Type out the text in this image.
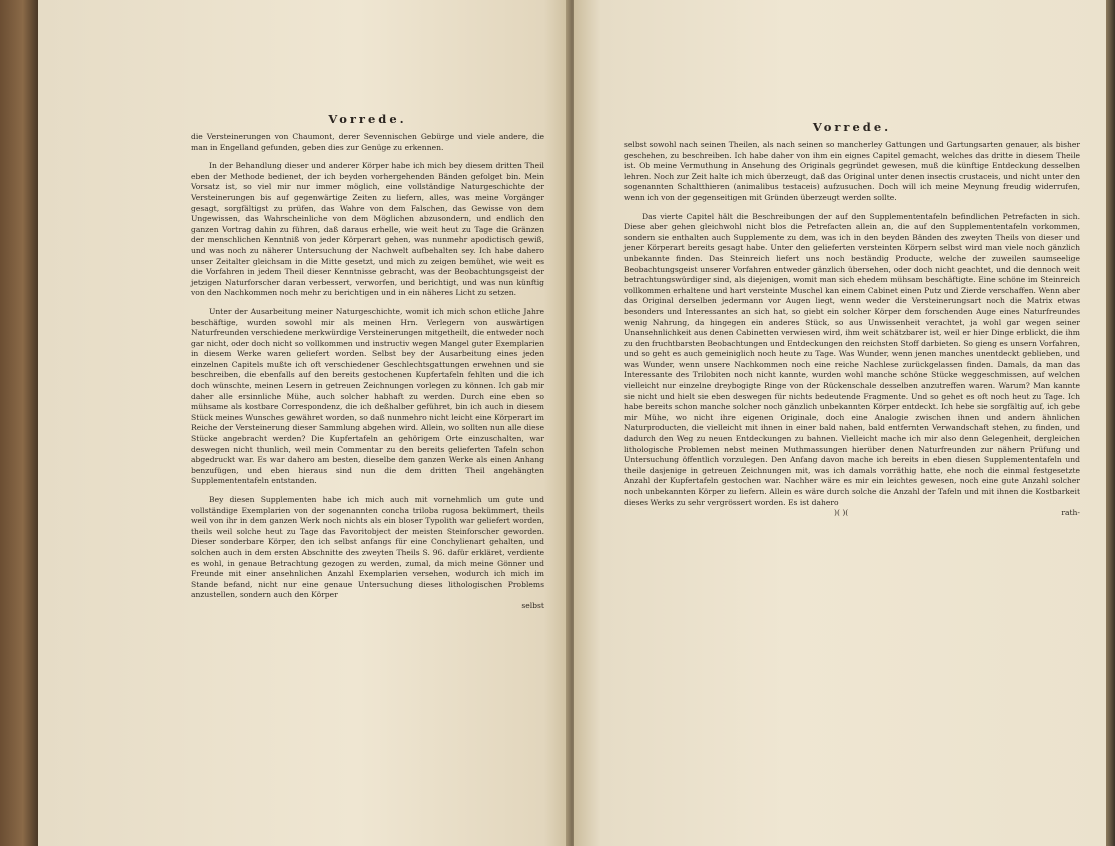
Vorrede.

die Versteinerungen von Chaumont, derer Sevennischen Gebürge und viele andere, die man in Engelland gefunden, geben dies zur Genüge zu erkennen.

In der Behandlung dieser und anderer Körper habe ich mich bey diesem dritten Theil eben der Methode bedienet, der ich beyden vorhergehenden Bänden gefolget bin. Mein Vorsatz ist, so viel mir nur immer möglich, eine vollständige Naturgeschichte der Versteinerungen bis auf gegenwärtige Zeiten zu liefern, alles, was meine Vorgänger gesagt, sorgfältigst zu prüfen, das Wahre von dem Falschen, das Gewisse von dem Ungewissen, das Wahrscheinliche von dem Möglichen abzusondern, und endlich den ganzen Vortrag dahin zu führen, daß daraus erhelle, wie weit heut zu Tage die Gränzen der menschlichen Kenntniß von jeder Körperart gehen, was nunmehr apodictisch gewiß, und was noch zu näherer Untersuchung der Nachwelt aufbehalten sey. Ich habe dahero unser Zeitalter gleichsam in die Mitte gesetzt, und mich zu zeigen bemühet, wie weit es die Vorfahren in jedem Theil dieser Kenntnisse gebracht, was der Beobachtungsgeist der jetzigen Naturforscher daran verbessert, verworfen, und berichtigt, und was nun künftig von den Nachkommen noch mehr zu berichtigen und in ein näheres Licht zu setzen.

Unter der Ausarbeitung meiner Naturgeschichte, womit ich mich schon etliche Jahre beschäftige, wurden sowohl mir als meinen Hrn. Verlegern von auswärtigen Naturfreunden verschiedene merkwürdige Versteinerungen mitgetheilt, die entweder noch gar nicht, oder doch nicht so vollkommen und instructiv wegen Mangel guter Exemplarien in diesem Werke waren geliefert worden. Selbst bey der Ausarbeitung eines jeden einzelnen Capitels mußte ich oft verschiedener Geschlechtsgattungen erwehnen und sie beschreiben, die ebenfalls auf den bereits gestochenen Kupfertafeln fehlten und die ich doch wünschte, meinen Lesern in getreuen Zeichnungen vorlegen zu können. Ich gab mir daher alle ersinnliche Mühe, auch solcher habhaft zu werden. Durch eine eben so mühsame als kostbare Correspondenz, die ich deßhalber geführet, bin ich auch in diesem Stück meines Wunsches gewähret worden, so daß nunmehro nicht leicht eine Körperart im Reiche der Versteinerung dieser Sammlung abgehen wird. Allein, wo sollten nun alle diese Stücke angebracht werden? Die Kupfertafeln an gehörigem Orte einzuschalten, war deswegen nicht thunlich, weil mein Commentar zu den bereits gelieferten Tafeln schon abgedruckt war. Es war dahero am besten, dieselbe dem ganzen Werke als einen Anhang benzufügen, und eben hieraus sind nun die dem dritten Theil angehängten Supplemententafeln entstanden.

Bey diesen Supplementen habe ich mich auch mit vornehmlich um gute und vollständige Exemplarien von der sogenannten concha triloba rugosa bekümmert, theils weil von ihr in dem ganzen Werk noch nichts als ein bloser Typolith war geliefert worden, theils weil solche heut zu Tage das Favoritobject der meisten Steinforscher geworden. Dieser sonderbare Körper, den ich selbst anfangs für eine Conchylienart gehalten, und solchen auch in dem ersten Abschnitte des zweyten Theils S. 96. dafür erkläret, verdiente es wohl, in genaue Betrachtung gezogen zu werden, zumal, da mich meine Gönner und Freunde mit einer ansehnlichen Anzahl Exemplarien versehen, wodurch ich mich im Stande befand, nicht nur eine genaue Untersuchung dieses lithologischen Problems anzustellen, sondern auch den Körper

selbst
Vorrede.

selbst sowohl nach seinen Theilen, als nach seinen so mancherley Gattungen und Gartungsarten genauer, als bisher geschehen, zu beschreiben. Ich habe daher von ihm ein eignes Capitel gemacht, welches das dritte in diesem Theile ist. Ob meine Vermuthung in Ansehung des Originals gegründet gewesen, muß die künftige Entdeckung desselben lehren. Noch zur Zeit halte ich mich überzeugt, daß das Original unter denen insectis crustaceis, und nicht unter den sogenannten Schaltthieren (animalibus testaceis) aufzusuchen. Doch will ich meine Meynung freudig widerrufen, wenn ich von der gegenseitigen mit Gründen überzeugt werden sollte.

Das vierte Capitel hält die Beschreibungen der auf den Supplemententafeln befindlichen Petrefacten in sich. Diese aber gehen gleichwohl nicht blos die Petrefacten allein an, die auf den Supplemententafeln vorkommen, sondern sie enthalten auch Supplemente zu dem, was ich in den beyden Bänden des zweyten Theils von dieser und jener Körperart bereits gesagt habe. Unter den gelieferten versteinten Körpern selbst wird man viele noch gänzlich unbekannte finden. Das Steinreich liefert uns noch beständig Producte, welche der zuweilen saumseelige Beobachtungsgeist unserer Vorfahren entweder gänzlich übersehen, oder doch nicht geachtet, und die dennoch weit betrachtungswürdiger sind, als diejenigen, womit man sich ehedem mühsam beschäftigte. Eine schöne im Steinreich vollkommen erhaltene und hart versteinte Muschel kan einem Cabinet einen Putz und Zierde verschaffen. Wenn aber das Original derselben jedermann vor Augen liegt, wenn weder die Versteinerungsart noch die Matrix etwas besonders und Interessantes an sich hat, so giebt ein solcher Körper dem forschenden Auge eines Naturfreundes wenig Nahrung, da hingegen ein anderes Stück, so aus Unwissenheit verachtet, ja wohl gar wegen seiner Unansehnlichkeit aus denen Cabinetten verwiesen wird, ihm weit schätzbarer ist, weil er hier Dinge erblickt, die ihm zu den fruchtbarsten Beobachtungen und Entdeckungen den reichsten Stoff darbieten. So gieng es unsern Vorfahren, und so geht es auch gemeiniglich noch heute zu Tage. Was Wunder, wenn jenen manches unentdeckt geblieben, und was Wunder, wenn unsere Nachkommen noch eine reiche Nachlese zurückgelassen finden. Damals, da man das Interessante des Trilobiten noch nicht kannte, wurden wohl manche schöne Stücke weggeschmissen, auf welchen vielleicht nur einzelne dreybogigte Ringe von der Rückenschale desselben anzutreffen waren. Warum? Man kannte sie nicht und hielt sie eben deswegen für nichts bedeutende Fragmente. Und so gehet es oft noch heut zu Tage. Ich habe bereits schon manche solcher noch gänzlich unbekannten Körper entdeckt. Ich hebe sie sorgfältig auf, ich gebe mir Mühe, wo nicht ihre eigenen Originale, doch eine Analogie zwischen ihnen und andern ähnlichen Naturproducten, die vielleicht mit ihnen in einer bald nahen, bald entfernten Verwandschaft stehen, zu finden, und dadurch den Weg zu neuen Entdeckungen zu bahnen. Vielleicht mache ich mir also denn Gelegenheit, dergleichen lithologische Problemen nebst meinen Muthmassungen hierüber denen Naturfreunden zur nähern Prüfung und Untersuchung öffentlich vorzulegen. Den Anfang davon mache ich bereits in eben diesen Supplemententafeln und theile dasjenige in getreuen Zeichnungen mit, was ich damals vorräthig hatte, ehe noch die einmal festgesetzte Anzahl der Kupfertafeln gestochen war. Nachher wäre es mir ein leichtes gewesen, noch eine gute Anzahl solcher noch unbekannten Körper zu liefern. Allein es wäre durch solche die Anzahl der Tafeln und mit ihnen die Kostbarkeit dieses Werks zu sehr vergrössert worden. Es ist dahero

)( )(	rath-
